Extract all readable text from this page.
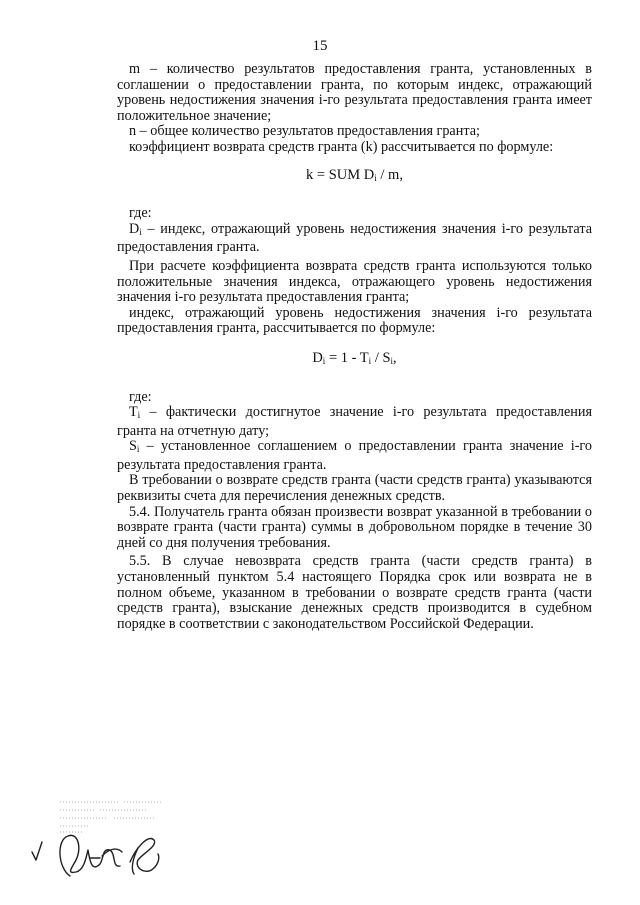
15

m – количество результатов предоставления гранта, установленных в соглашении о предоставлении гранта, по которым индекс, отражающий уровень недостижения значения i-го результата предоставления гранта имеет положительное значение;

n – общее количество результатов предоставления гранта;

коэффициент возврата средств гранта (k) рассчитывается по формуле:

k = SUM $D_i$ / m,

где:

$D_i$ – индекс, отражающий уровень недостижения значения i-го результата предоставления гранта.

При расчете коэффициента возврата средств гранта используются только положительные значения индекса, отражающего уровень недостижения значения i-го результата предоставления гранта;

индекс, отражающий уровень недостижения значения i-го результата предоставления гранта, рассчитывается по формуле:

$D_i = 1 - T_i / S_i$,

где:

$T_i$ – фактически достигнутое значение i-го результата предоставления гранта на отчетную дату;

$S_i$ – установленное соглашением о предоставлении гранта значение i-го результата предоставления гранта.

В требовании о возврате средств гранта (части средств гранта) указываются реквизиты счета для перечисления денежных средств.

5.4. Получатель гранта обязан произвести возврат указанной в требовании о возврате гранта (части гранта) суммы в добровольном порядке в течение 30 дней со дня получения требования.

5.5. В случае невозврата средств гранта (части средств гранта) в установленный пунктом 5.4 настоящего Порядка срок или возврата не в полном объеме, указанном в требовании о возврате средств гранта (части средств гранта), взыскание денежных средств производится в судебном порядке в соответствии с законодательством Российской Федерации.
